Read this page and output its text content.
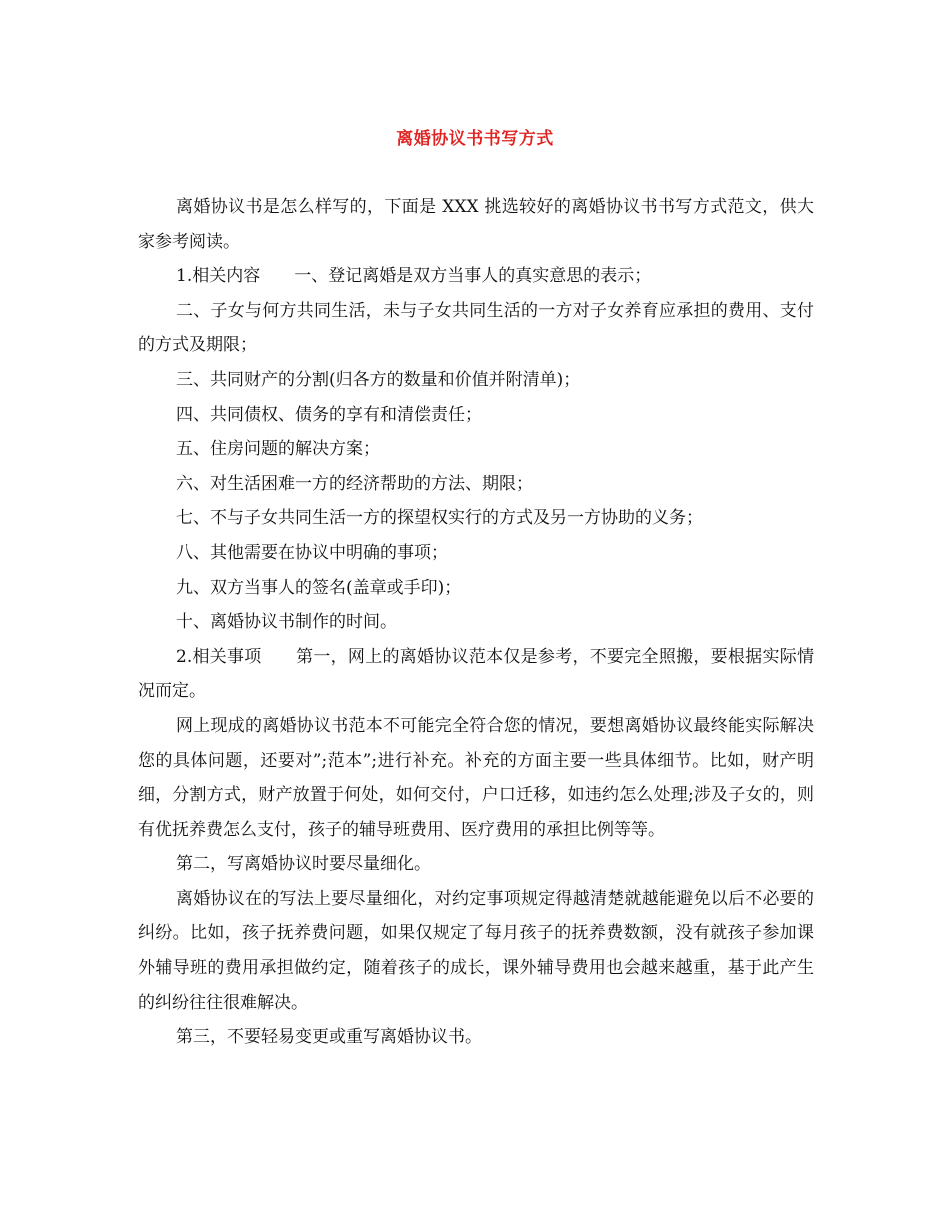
离婚协议书书写方式

离婚协议书是怎么样写的，下面是 XXX 挑选较好的离婚协议书书写方式范文，供大家参考阅读。

1.相关内容　　一、登记离婚是双方当事人的真实意思的表示；

二、子女与何方共同生活，未与子女共同生活的一方对子女养育应承担的费用、支付的方式及期限；

三、共同财产的分割(归各方的数量和价值并附清单)；

四、共同债权、债务的享有和清偿责任；

五、住房问题的解决方案；

六、对生活困难一方的经济帮助的方法、期限；

七、不与子女共同生活一方的探望权实行的方式及另一方协助的义务；

八、其他需要在协议中明确的事项；

九、双方当事人的签名(盖章或手印)；

十、离婚协议书制作的时间。

2.相关事项　　第一，网上的离婚协议范本仅是参考，不要完全照搬，要根据实际情况而定。

网上现成的离婚协议书范本不可能完全符合您的情况，要想离婚协议最终能实际解决您的具体问题，还要对”;范本”;进行补充。补充的方面主要一些具体细节。比如，财产明细，分割方式，财产放置于何处，如何交付，户口迁移，如违约怎么处理;涉及子女的，则有优抚养费怎么支付，孩子的辅导班费用、医疗费用的承担比例等等。

第二，写离婚协议时要尽量细化。

离婚协议在的写法上要尽量细化，对约定事项规定得越清楚就越能避免以后不必要的纠纷。比如，孩子抚养费问题，如果仅规定了每月孩子的抚养费数额，没有就孩子参加课外辅导班的费用承担做约定，随着孩子的成长，课外辅导费用也会越来越重，基于此产生的纠纷往往很难解决。

第三，不要轻易变更或重写离婚协议书。
